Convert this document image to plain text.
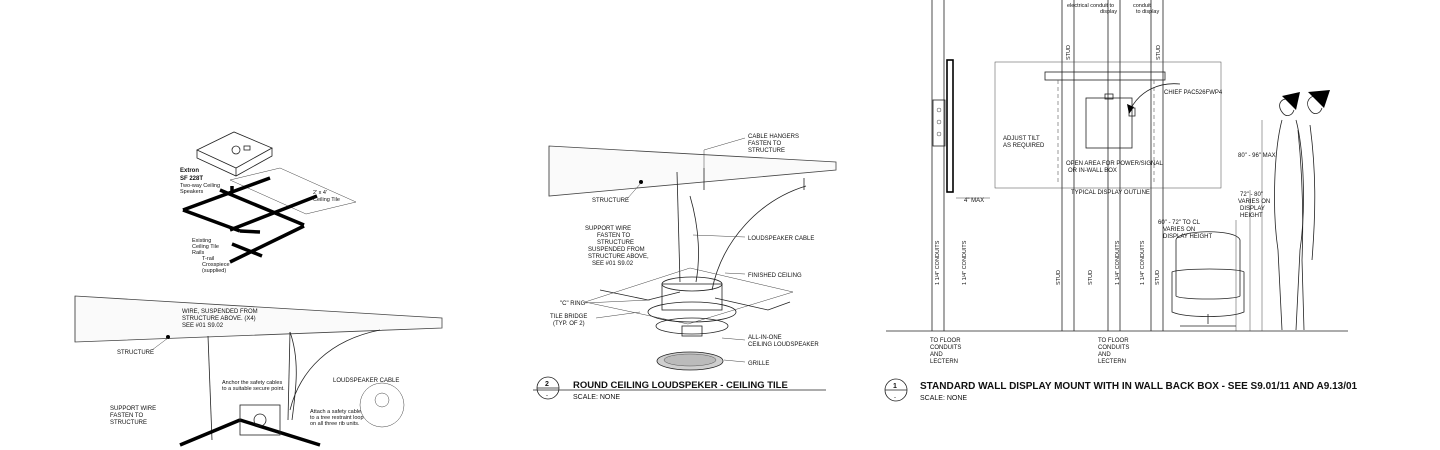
Extron
SF 228T
Two-way Ceiling
Speakers	2' x 4'
Ceiling Tile
Existing
Ceiling Tile
Rails
T-rail
Crosspiece
(supplied)
WIRE, SUSPENDED FROM
STRUCTURE ABOVE. (X4)
SEE #01 S9.02
STRUCTURE
LOUDSPEAKER CABLE
SUPPORT WIRE
FASTEN TO
STRUCTURE
Anchor the safety cables
to a suitable secure point.
Attach a safety cable
to a tree restraint loop
on all three rib units.
CABLE HANGERS
FASTEN TO
STRUCTURE
STRUCTURE
SUPPORT WIRE
FASTEN TO
STRUCTURE
SUSPENDED FROM
STRUCTURE ABOVE,
SEE #01 S9.02
LOUDSPEAKER CABLE
FINISHED CEILING
"C" RING
TILE BRIDGE
(TYP. OF 2)
ALL-IN-ONE
CEILING LOUDSPEAKER
GRILLE
2
-
ROUND CEILING LOUDSPEKER - CEILING TILE
SCALE: NONE
STUD	STUD
STUD	STUD	STUD
1 1/4" CONDUITS	1 1/4" CONDUITS	1 1/4" CONDUITS	1 1/4" CONDUITS
electrical conduit to
display
conduit
to display
CHIEF PAC526FWP4
ADJUST TILT
AS REQUIRED
OPEN AREA FOR POWER/SIGNAL
OR IN-WALL BOX
TYPICAL DISPLAY OUTLINE
4" MAX
80" - 96" MAX
72" - 80"
VARIES ON
DISPLAY
HEIGHT
60" - 72" TO CL
VARIES ON
DISPLAY HEIGHT
TO FLOOR
CONDUITS
AND
LECTERN
TO FLOOR
CONDUITS
AND
LECTERN
1
-
STANDARD WALL DISPLAY MOUNT WITH IN WALL BACK BOX - SEE S9.01/11 AND A9.13/01
SCALE: NONE
